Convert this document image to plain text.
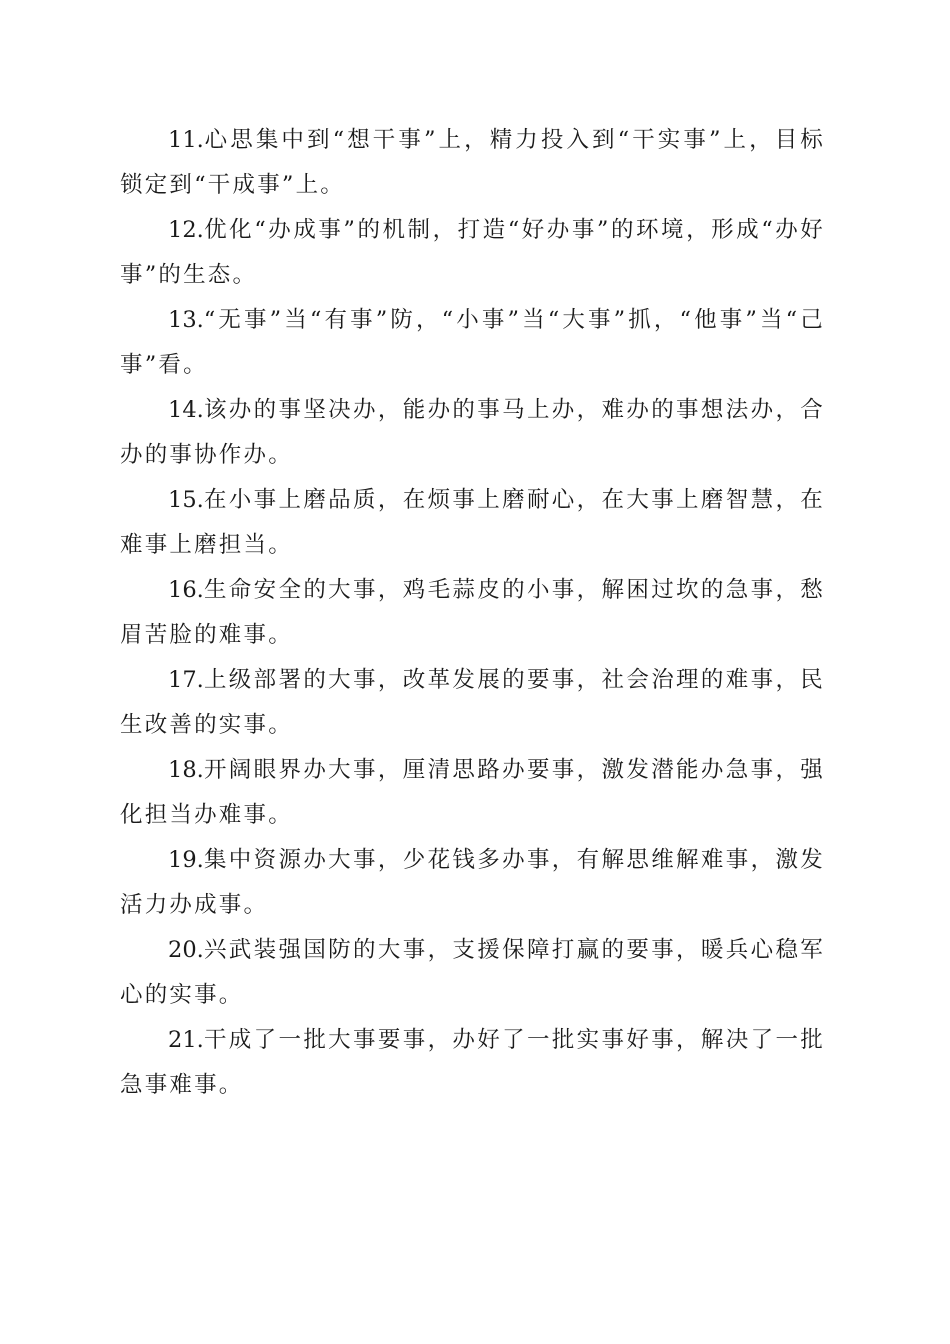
11.心思集中到“想干事”上，精力投入到“干实事”上，目标锁定到“干成事”上。

12.优化“办成事”的机制，打造“好办事”的环境，形成“办好事”的生态。

13.“无事”当“有事”防，“小事”当“大事”抓，“他事”当“己事”看。

14.该办的事坚决办，能办的事马上办，难办的事想法办，合办的事协作办。

15.在小事上磨品质，在烦事上磨耐心，在大事上磨智慧，在难事上磨担当。

16.生命安全的大事，鸡毛蒜皮的小事，解困过坎的急事，愁眉苦脸的难事。

17.上级部署的大事，改革发展的要事，社会治理的难事，民生改善的实事。

18.开阔眼界办大事，厘清思路办要事，激发潜能办急事，强化担当办难事。

19.集中资源办大事，少花钱多办事，有解思维解难事，激发活力办成事。

20.兴武装强国防的大事，支援保障打赢的要事，暖兵心稳军心的实事。

21.干成了一批大事要事，办好了一批实事好事，解决了一批急事难事。
